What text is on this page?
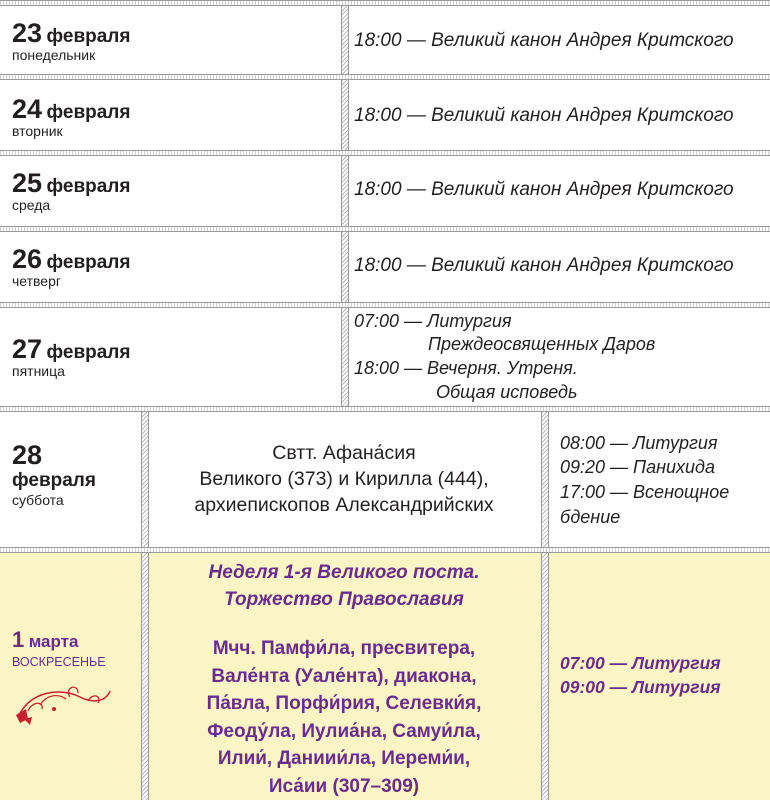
23 февраля
понедельник
18:00 — Великий канон Андрея Критского
24 февраля
вторник
18:00 — Великий канон Андрея Критского
25 февраля
среда
18:00 — Великий канон Андрея Критского
26 февраля
четверг
18:00 — Великий канон Андрея Критского
27 февраля
пятница
07:00 — Литургия
Преждеосвященных Даров
18:00 — Вечерня. Утреня.
Общая исповедь
28
февраля
суббота
Свтт. Афана́сия
Великого (373) и Кирилла (444),
архиепископов Александрийских
08:00 — Литургия
09:20 — Панихида
17:00 — Всенощное
бдение
1 марта
ВОСКРЕСЕНЬЕ
Неделя 1-я Великого поста.
Торжество Православия
Мчч. Памфи́ла, пресвитера,
Вале́нта (Уале́нта), диакона,
Па́вла, Порфи́рия, Селевки́я,
Феоду́ла, Иулиа́на, Самуи́ла,
Илии́, Даниии́ла, Иереми́и,
Иса́ии (307–309)
07:00 — Литургия
09:00 — Литургия
